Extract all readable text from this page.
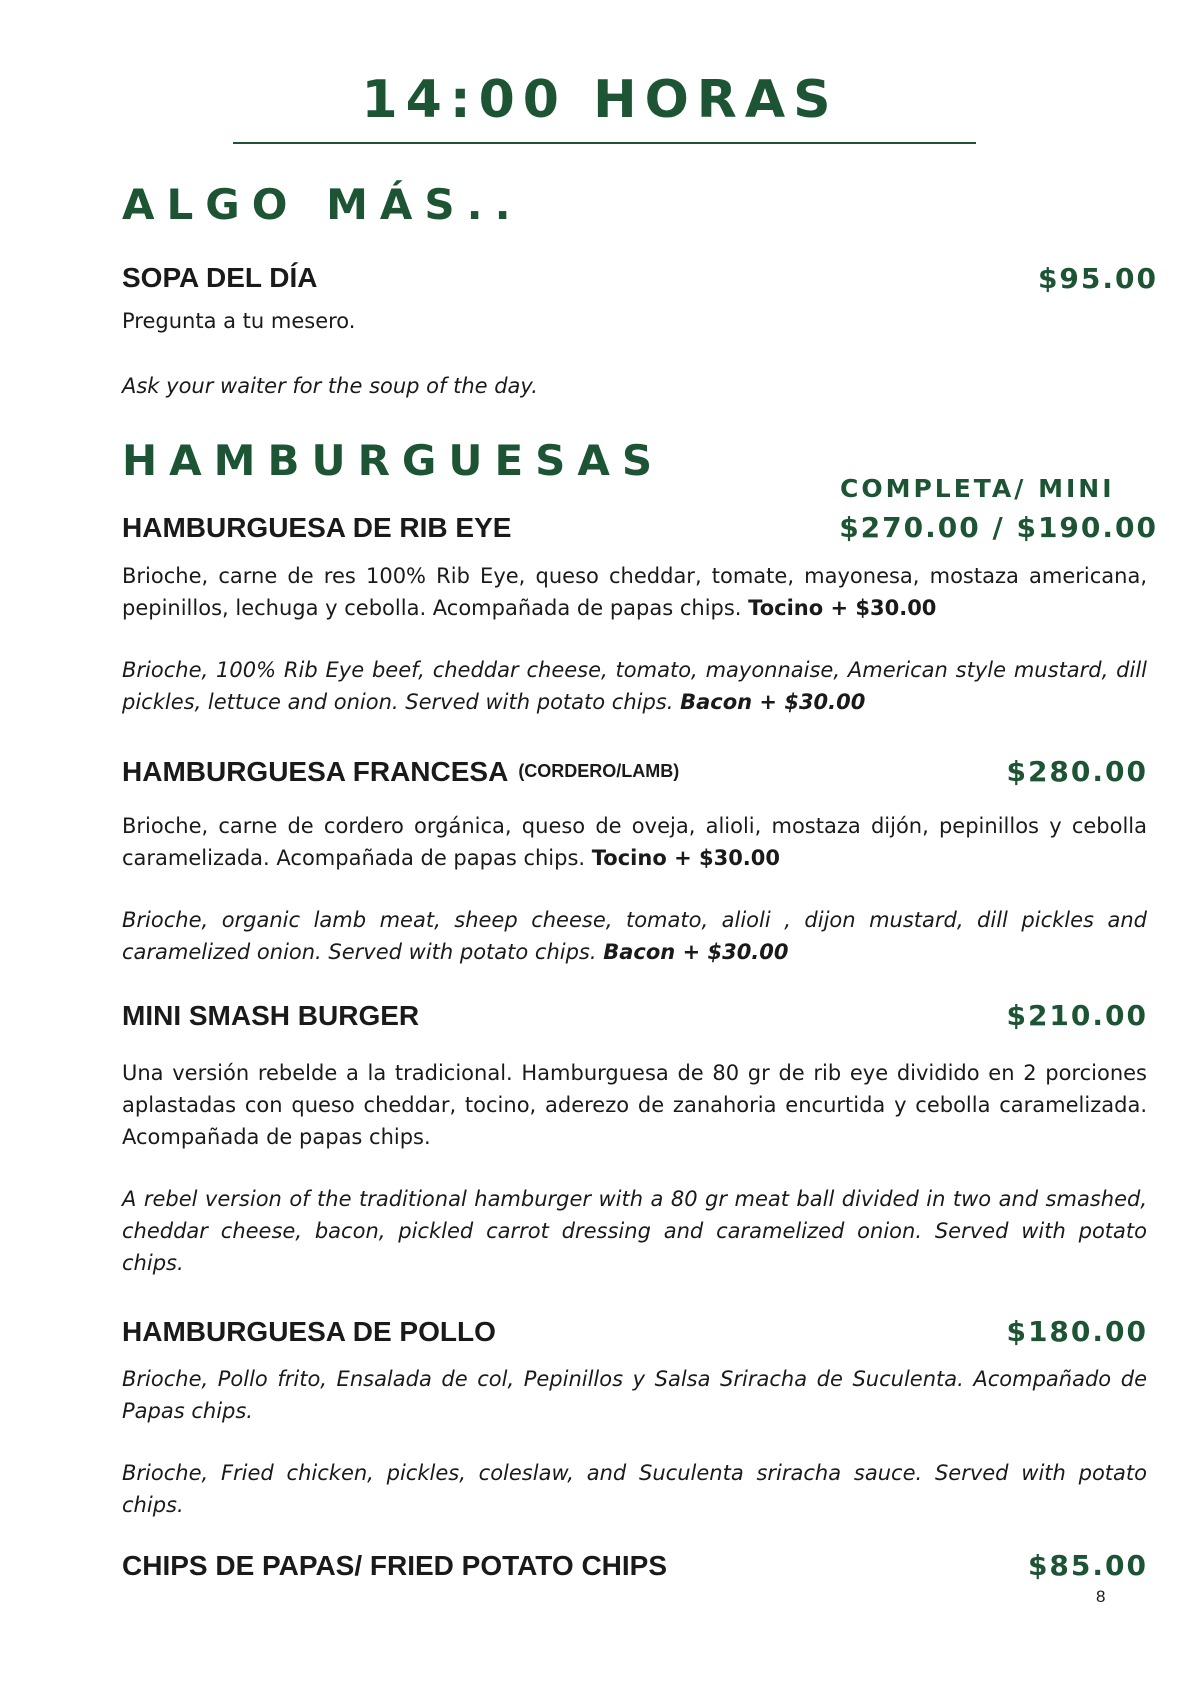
14:00 HORAS
ALGO MÁS..
SOPA DEL DÍA	$95.00

Pregunta a tu mesero.

Ask your waiter for the soup of the day.

HAMBURGUESAS

COMPLETA/ MINI

HAMBURGUESA DE RIB EYE	$270.00 / $190.00

Brioche, carne de res 100% Rib Eye, queso cheddar, tomate, mayonesa, mostaza americana, pepinillos, lechuga y cebolla. Acompañada de papas chips. Tocino + $30.00

Brioche, 100% Rib Eye beef, cheddar cheese, tomato, mayonnaise, American style mustard, dill pickles, lettuce and onion. Served with potato chips. Bacon + $30.00

HAMBURGUESA FRANCESA $^{(CORDERO/LAMB)}$	$280.00

Brioche, carne de cordero orgánica, queso de oveja, alioli, mostaza dijón, pepinillos y cebolla caramelizada. Acompañada de papas chips. Tocino + $30.00

Brioche, organic lamb meat, sheep cheese, tomato, alioli , dijon mustard, dill pickles and caramelized onion. Served with potato chips. Bacon + $30.00

MINI SMASH BURGER	$210.00

Una versión rebelde a la tradicional. Hamburguesa de 80 gr de rib eye dividido en 2 porciones aplastadas con queso cheddar, tocino, aderezo de zanahoria encurtida y cebolla caramelizada. Acompañada de papas chips.

A rebel version of the traditional hamburger with a 80 gr meat ball divided in two and smashed, cheddar cheese, bacon, pickled carrot dressing and caramelized onion. Served with potato chips.

HAMBURGUESA DE POLLO	$180.00

Brioche, Pollo frito, Ensalada de col, Pepinillos y Salsa Sriracha de Suculenta. Acompañado de Papas chips.

Brioche, Fried chicken, pickles, coleslaw, and Suculenta sriracha sauce. Served with potato chips.

CHIPS DE PAPAS/ FRIED POTATO CHIPS	$85.00

8
